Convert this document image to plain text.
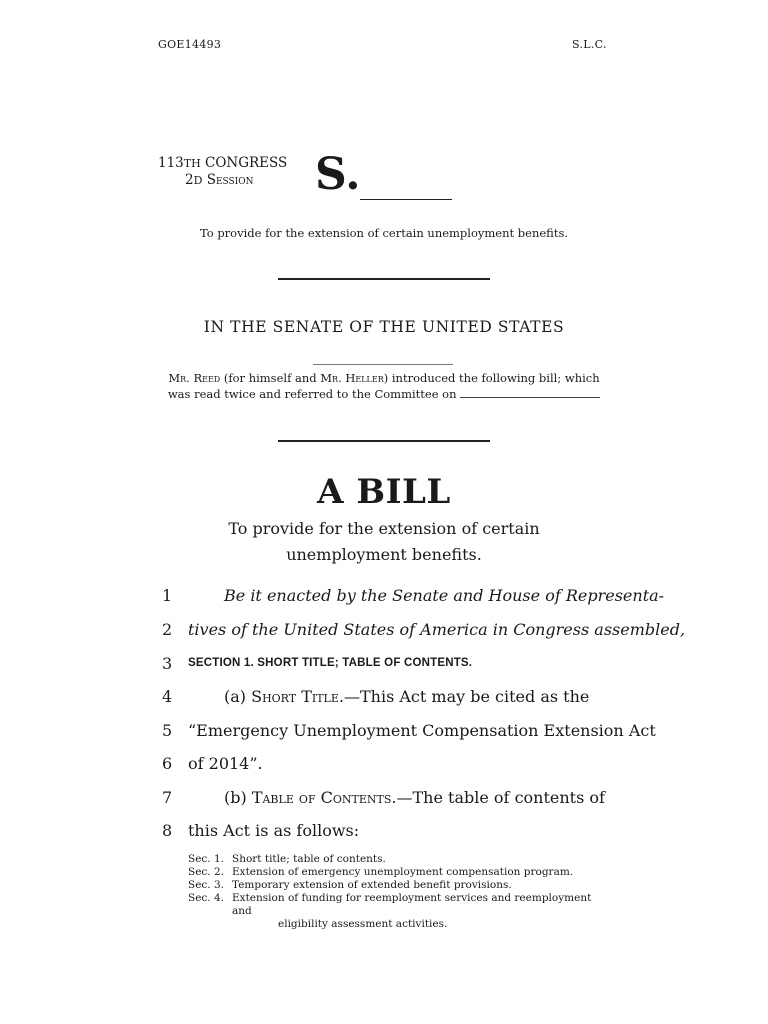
GOE14493	S.L.C.
113TH CONGRESS
2D Session	S.
To provide for the extension of certain unemployment benefits.
IN THE SENATE OF THE UNITED STATES
Mr. Reed (for himself and Mr. Heller) introduced the following bill; which was read twice and referred to the Committee on
A BILL
To provide for the extension of certain unemployment benefits.
1	Be it enacted by the Senate and House of Representa-
2 tives of the United States of America in Congress assembled,
3	SECTION 1. SHORT TITLE; TABLE OF CONTENTS.
4	(a) Short Title.—This Act may be cited as the
5 “Emergency Unemployment Compensation Extension Act
6 of 2014”.
7	(b) Table of Contents.—The table of contents of
8 this Act is as follows:
Sec. 1. Short title; table of contents.
Sec. 2. Extension of emergency unemployment compensation program.
Sec. 3. Temporary extension of extended benefit provisions.
Sec. 4. Extension of funding for reemployment services and reemployment and
eligibility assessment activities.
